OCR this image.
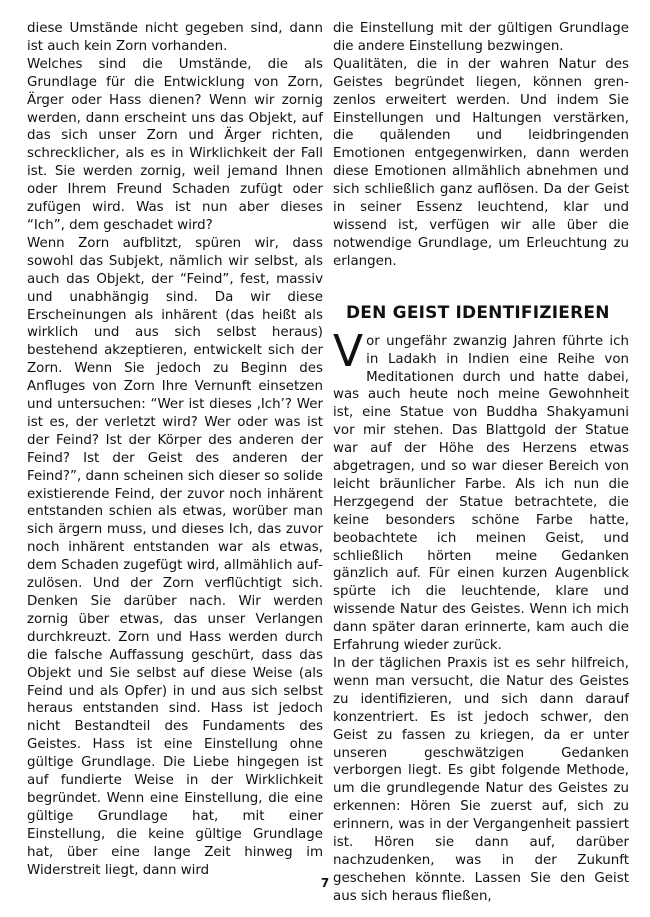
diese Umstände nicht gegeben sind, dann ist auch kein Zorn vorhanden.

Welches sind die Umstände, die als Grundlage für die Entwicklung von Zorn, Ärger oder Hass dienen? Wenn wir zornig werden, dann erscheint uns das Objekt, auf das sich unser Zorn und Ärger richten, schrecklicher, als es in Wirklichkeit der Fall ist. Sie werden zornig, weil jemand Ihnen oder Ihrem Freund Schaden zufügt oder zufügen wird. Was ist nun aber dieses “Ich”, dem geschadet wird?

Wenn Zorn aufblitzt, spüren wir, dass sowohl das Subjekt, nämlich wir selbst, als auch das Objekt, der “Feind”, fest, massiv und unabhängig sind. Da wir diese Erscheinungen als inhärent (das heißt als wirklich und aus sich selbst heraus) bestehend akzeptieren, entwickelt sich der Zorn. Wenn Sie jedoch zu Beginn des Anfluges von Zorn Ihre Vernunft einsetzen und untersuchen: “Wer ist dieses ‚Ich’? Wer ist es, der verletzt wird? Wer oder was ist der Feind? Ist der Körper des anderen der Feind? Ist der Geist des anderen der Feind?”, dann scheinen sich dieser so solide existierende Feind, der zuvor noch inhärent entstanden schien als etwas, worüber man sich ärgern muss, und dieses Ich, das zuvor noch inhärent entstanden war als etwas, dem Schaden zugefügt wird, allmählich aufzulösen. Und der Zorn verflüchtigt sich. Denken Sie darüber nach. Wir werden zornig über etwas, das unser Verlangen durchkreuzt. Zorn und Hass werden durch die falsche Auffassung geschürt, dass das Objekt und Sie selbst auf diese Weise (als Feind und als Opfer) in und aus sich selbst heraus entstanden sind. Hass ist jedoch nicht Bestandteil des Fundaments des Geistes. Hass ist eine Einstellung ohne gültige Grundlage. Die Liebe hingegen ist auf fundierte Weise in der Wirklichkeit begründet. Wenn eine Einstellung, die eine gültige Grundlage hat, mit einer Einstellung, die keine gültige Grundlage hat, über eine lange Zeit hinweg im Widerstreit liegt, dann wird

die Einstellung mit der gültigen Grundlage die andere Einstellung bezwingen.

Qualitäten, die in der wahren Natur des Geistes begründet liegen, können grenzenlos erweitert werden. Und indem Sie Einstellungen und Haltungen verstärken, die quälenden und leidbringenden Emotionen entgegenwirken, dann werden diese Emotionen allmählich abnehmen und sich schließlich ganz auflösen. Da der Geist in seiner Essenz leuchtend, klar und wissend ist, verfügen wir alle über die notwendige Grundlage, um Erleuchtung zu erlangen.

DEN GEIST IDENTIFIZIEREN

Vor ungefähr zwanzig Jahren führte ich in Ladakh in Indien eine Reihe von Meditationen durch und hatte dabei, was auch heute noch meine Gewohnheit ist, eine Statue von Buddha Shakyamuni vor mir stehen. Das Blattgold der Statue war auf der Höhe des Herzens etwas abgetragen, und so war dieser Bereich von leicht bräunlicher Farbe. Als ich nun die Herzgegend der Statue betrachtete, die keine besonders schöne Farbe hatte, beobachtete ich meinen Geist, und schließlich hörten meine Gedanken gänzlich auf. Für einen kurzen Augenblick spürte ich die leuchtende, klare und wissende Natur des Geistes. Wenn ich mich dann später daran erinnerte, kam auch die Erfahrung wieder zurück.

In der täglichen Praxis ist es sehr hilfreich, wenn man versucht, die Natur des Geistes zu identifizieren, und sich dann darauf konzentriert. Es ist jedoch schwer, den Geist zu fassen zu kriegen, da er unter unseren geschwätzigen Gedanken verborgen liegt. Es gibt folgende Methode, um die grundlegende Natur des Geistes zu erkennen: Hören Sie zuerst auf, sich zu erinnern, was in der Vergangenheit passiert ist. Hören sie dann auf, darüber nachzudenken, was in der Zukunft geschehen könnte. Lassen Sie den Geist aus sich heraus fließen,

7
